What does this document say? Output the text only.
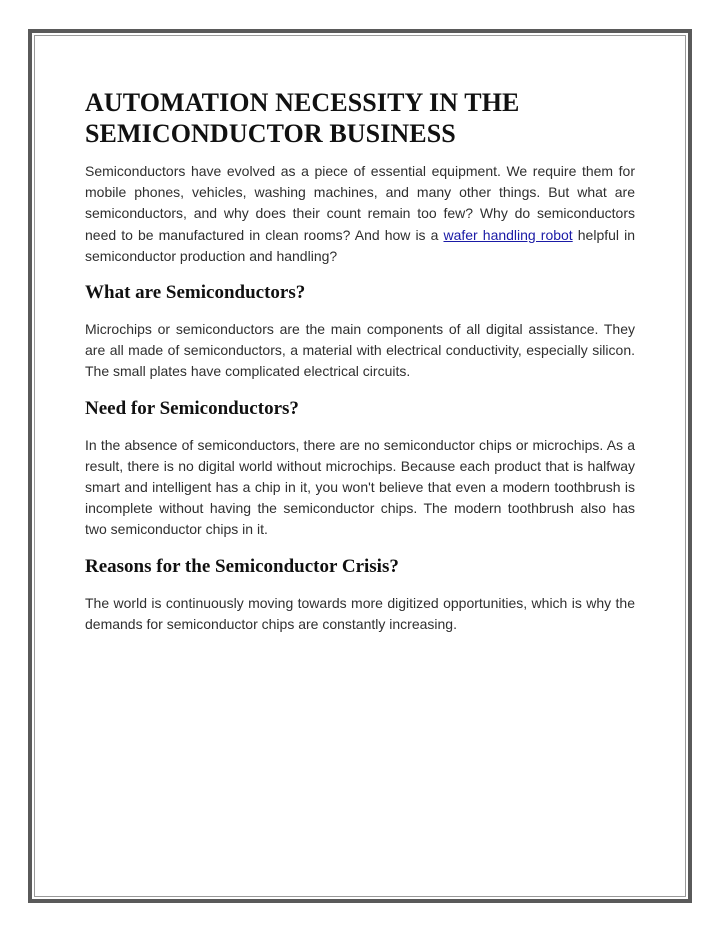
AUTOMATION NECESSITY IN THE SEMICONDUCTOR BUSINESS

Semiconductors have evolved as a piece of essential equipment. We require them for mobile phones, vehicles, washing machines, and many other things. But what are semiconductors, and why does their count remain too few? Why do semiconductors need to be manufactured in clean rooms? And how is a wafer handling robot helpful in semiconductor production and handling?

What are Semiconductors?

Microchips or semiconductors are the main components of all digital assistance. They are all made of semiconductors, a material with electrical conductivity, especially silicon. The small plates have complicated electrical circuits.

Need for Semiconductors?

In the absence of semiconductors, there are no semiconductor chips or microchips. As a result, there is no digital world without microchips. Because each product that is halfway smart and intelligent has a chip in it, you won't believe that even a modern toothbrush is incomplete without having the semiconductor chips. The modern toothbrush also has two semiconductor chips in it.

Reasons for the Semiconductor Crisis?

The world is continuously moving towards more digitized opportunities, which is why the demands for semiconductor chips are constantly increasing.
